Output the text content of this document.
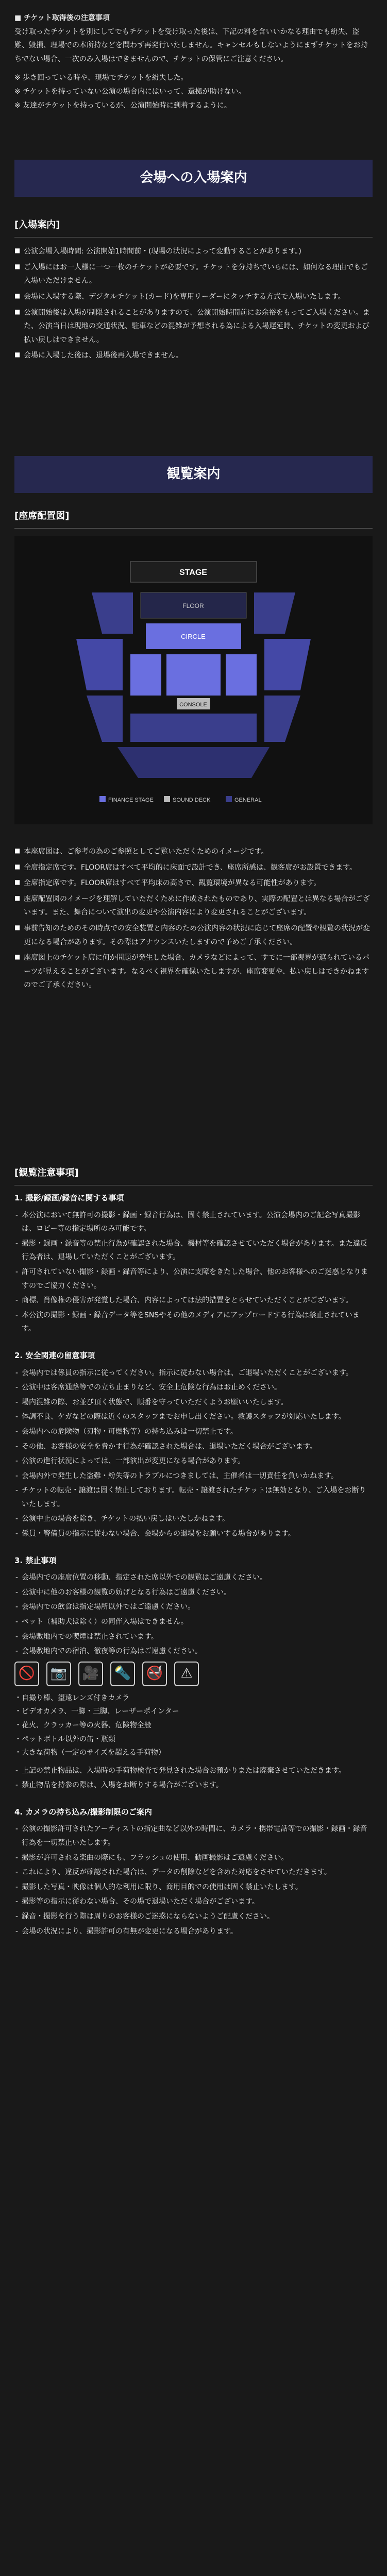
■ チケット取得後の注意事項

受け取ったチケットを別にしてでもチケットを受け取った後は、下記の料を含いいかなる理由でも紛失、盗難、毀損、理場での本所持などを問わず再発行いたしません。キャンセルもしないようにまずチケットをお持ちでない場合、一次のみ入場はできませんので、チケットの保管にご注意ください。

※ 歩き回っている時や、現場でチケットを紛失した。

※ チケットを持っていない公演の場合内にはいって、還拠が助けない。

※ 友達がチケットを持っているが、公演開始時に到着するように。

会場への入場案内

[入場案内]

■ 公演会場入場時間: 公演開始1時間前・(現場の状況によって変動することがあります。)

■ ご入場にはお一人様に一つ一枚のチケットが必要です。チケットを分持ちでいらには、如何なる理由でもご入場いただけません。

■ 会場に入場する際、デジタルチケット(カード)を専用リーダーにタッチする方式で入場いたします。

■ 公演開始後は入場が制限されることがありますので、公演開始時間前にお余裕をもってご入場ください。また、公演当日は現地の交通状況、駐車などの混雑が予想される為による入場遅延時、チケットの変更および払い戻しはできません。

■ 会場に入場した後は、退場後再入場できません。

観覧案内

[座席配置図]

STAGE
FLOOR
CIRCLE
CONSOLE
FINANCE STAGE	SOUND DECK	GENERAL

■ 本座席図は、ご参考の為のご参照としてご覧いただくためのイメージです。

■ 全席指定席です。FLOOR席はすべて平均的に床面で設計でき、座席所感は、観客席がお設置できます。

■ 全席指定席です。FLOOR席はすべて平均床の高さで、観覧環境が異なる可能性があります。

■ 座席配置図のイメージを理解していただくために作成されたものであり、実際の配置とは異なる場合がございます。また、舞台について演出の変更や公演内容により変更されることがございます。

■ 事前告知のためのその時点での安全装置と内容のため公演内容の状況に応じて座席の配置や観覧の状況が変更になる場合があります。その際はアナウンスいたしますので予めご了承ください。

■ 座席図上のチケット席に何か問題が発生した場合、カメラなどによって、すでに一部視界が遮られているパーツが見えることがございます。なるべく視界を確保いたしますが、座席変更や、払い戻しはできかねますのでご了承ください。

[観覧注意事項]

1. 撮影/録画/録音に関する事項

- 本公演において無許可の撮影・録画・録音行為は、固く禁止されています。公演会場内のご記念写真撮影は、ロビー等の指定場所のみ可能です。

- 撮影・録画・録音等の禁止行為が確認された場合、機材等を確認させていただく場合があります。また違反行為者は、退場していただくことがございます。

- 許可されていない撮影・録画・録音等により、公演に支障をきたした場合、他のお客様へのご迷惑となりますのでご協力ください。

- 商標、肖像権の侵害が発覚した場合、内容によっては法的措置をとらせていただくことがございます。

- 本公演の撮影・録画・録音データ等をSNSやその他のメディアにアップロードする行為は禁止されています。

2. 安全関連の留意事項

- 会場内では係員の指示に従ってください。指示に従わない場合は、ご退場いただくことがございます。

- 公演中は客席通路等での立ち止まりなど、安全上危険な行為はお止めください。

- 場内混雑の際、お並び頂く状態で、順番を守っていただくようお願いいたします。

- 体調不良、ケガなどの際は近くのスタッフまでお申し出ください。救護スタッフが対応いたします。

- 会場内への危険物（刃物・可燃物等）の持ち込みは一切禁止です。

- その他、お客様の安全を脅かす行為が確認された場合は、退場いただく場合がございます。

- 公演の進行状況によっては、一部演出が変更になる場合があります。

- 会場内外で発生した盗難・紛失等のトラブルにつきましては、主催者は一切責任を負いかねます。

- チケットの転売・譲渡は固く禁止しております。転売・譲渡されたチケットは無効となり、ご入場をお断りいたします。

- 公演中止の場合を除き、チケットの払い戻しはいたしかねます。

- 係員・警備員の指示に従わない場合、会場からの退場をお願いする場合があります。

3. 禁止事項

- 会場内での座席位置の移動、指定された席以外での観覧はご遠慮ください。

- 公演中に他のお客様の観覧の妨げとなる行為はご遠慮ください。

- 会場内での飲食は指定場所以外ではご遠慮ください。

- ペット（補助犬は除く）の同伴入場はできません。

- 会場敷地内での喫煙は禁止されています。

- 会場敷地内での宿泊、徹夜等の行為はご遠慮ください。

🚫	📷	🎥	🔦	🚭	⚠

・自撮り棒、望遠レンズ付きカメラ

・ビデオカメラ、一脚・三脚、レーザーポインター

・花火、クラッカー等の火器、危険物全般

・ペットボトル以外の缶・瓶類

・大きな荷物（一定のサイズを超える手荷物）

- 上記の禁止物品は、入場時の手荷物検査で発見された場合お預かりまたは廃棄させていただきます。

- 禁止物品を持参の際は、入場をお断りする場合がございます。

4. カメラの持ち込み/撮影制限のご案内

- 公演の撮影許可されたアーティストの指定曲など以外の時間に、カメラ・携帯電話等での撮影・録画・録音行為を一切禁止いたします。

- 撮影が許可される楽曲の際にも、フラッシュの使用、動画撮影はご遠慮ください。

- これにより、違反が確認された場合は、データの削除などを含めた対応をさせていただきます。

- 撮影した写真・映像は個人的な利用に限り、商用目的での使用は固く禁止いたします。

- 撮影等の指示に従わない場合、その場で退場いただく場合がございます。

- 録音・撮影を行う際は周りのお客様のご迷惑にならないようご配慮ください。

- 会場の状況により、撮影許可の有無が変更になる場合があります。
